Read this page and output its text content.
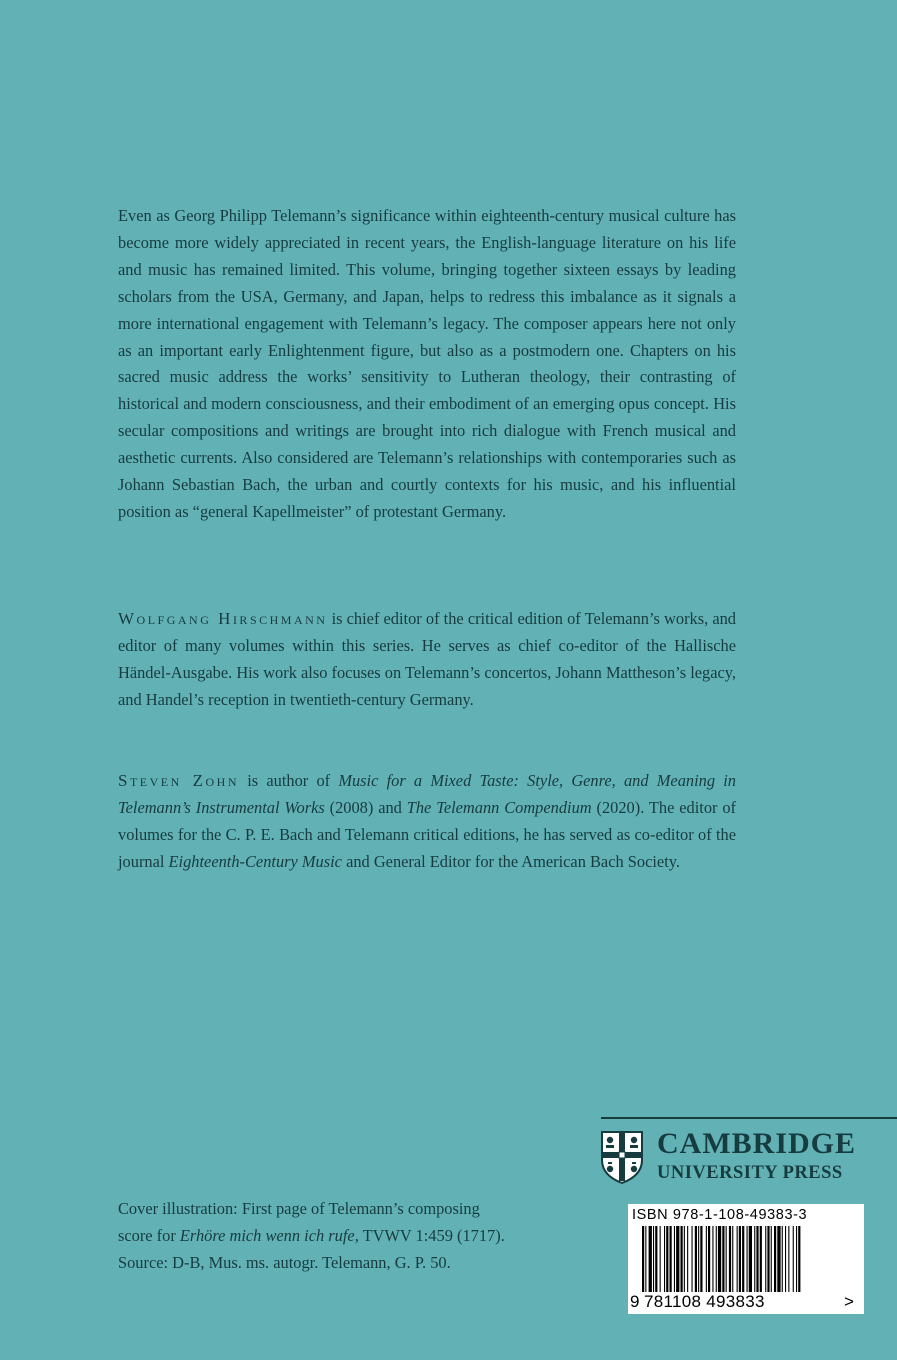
Even as Georg Philipp Telemann’s significance within eighteenth-century musical culture has become more widely appreciated in recent years, the English-language literature on his life and music has remained limited. This volume, bringing together sixteen essays by leading scholars from the USA, Germany, and Japan, helps to redress this imbalance as it signals a more international engagement with Telemann’s legacy. The composer appears here not only as an important early Enlightenment figure, but also as a postmodern one. Chapters on his sacred music address the works’ sensitivity to Lutheran theology, their contrasting of historical and modern consciousness, and their embodiment of an emerging opus concept. His secular compositions and writings are brought into rich dialogue with French musical and aesthetic currents. Also considered are Telemann’s relationships with contemporaries such as Johann Sebastian Bach, the urban and courtly contexts for his music, and his influential position as “general Kapellmeister” of protestant Germany.

Wolfgang Hirschmann is chief editor of the critical edition of Telemann’s works, and editor of many volumes within this series. He serves as chief co-editor of the Hallische Händel-Ausgabe. His work also focuses on Telemann’s concertos, Johann Mattheson’s legacy, and Handel’s reception in twentieth-century Germany.

Steven Zohn is author of Music for a Mixed Taste: Style, Genre, and Meaning in Telemann’s Instrumental Works (2008) and The Telemann Compendium (2020). The editor of volumes for the C. P. E. Bach and Telemann critical editions, he has served as co-editor of the journal Eighteenth-Century Music and General Editor for the American Bach Society.

Cover illustration: First page of Telemann’s composing
score for Erhöre mich wenn ich rufe, TVWV 1:459 (1717).
Source: D-B, Mus. ms. autogr. Telemann, G. P. 50.
CAMBRIDGE
UNIVERSITY PRESS
ISBN 978-1-108-49383-3
9 781108 493833	>
